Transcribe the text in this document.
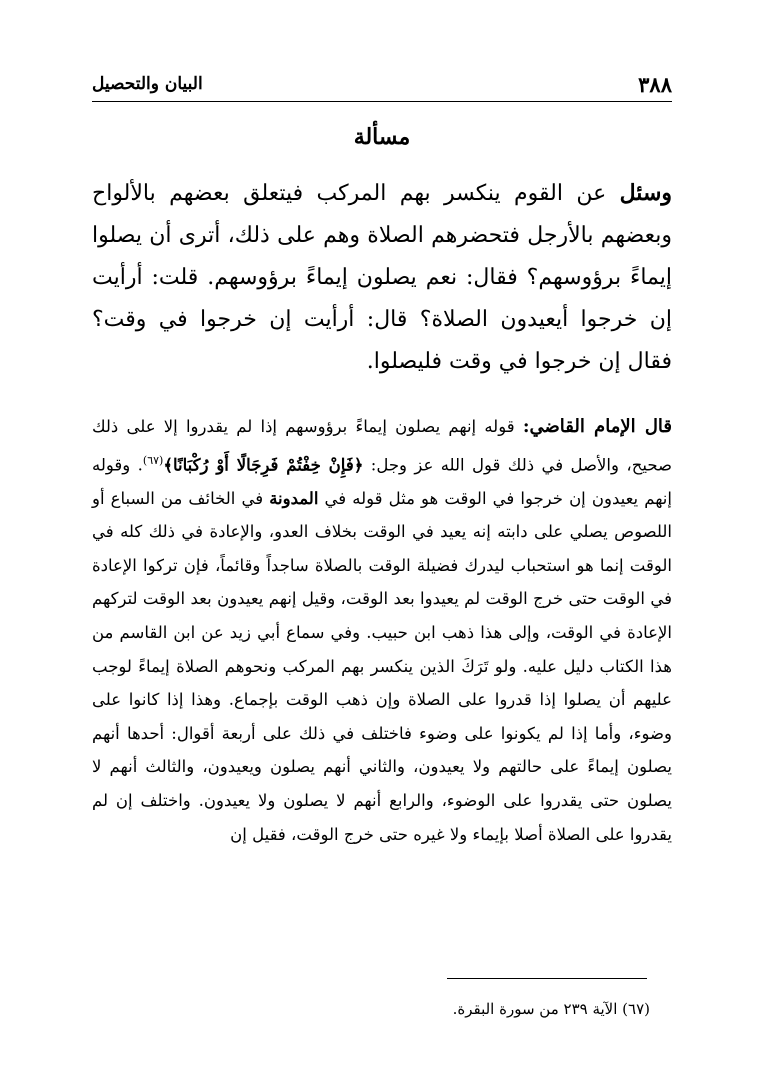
٣٨٨
البيان والتحصيل
مسألة

وسئل عن القوم ينكسر بهم المركب فيتعلق بعضهم بالألواح وبعضهم بالأرجل فتحضرهم الصلاة وهم على ذلك، أترى أن يصلوا إيماءً برؤوسهم؟ فقال: نعم يصلون إيماءً برؤوسهم. قلت: أرأيت إن خرجوا أيعيدون الصلاة؟ قال: أرأيت إن خرجوا في وقت؟ فقال إن خرجوا في وقت فليصلوا.

قال الإمام القاضي: قوله إنهم يصلون إيماءً برؤوسهم إذا لم يقدروا إلا على ذلك صحيح، والأصل في ذلك قول الله عز وجل: ﴿فَإِنْ خِفْتُمْ فَرِجَالًا أَوْ رُكْبَانًا﴾$^{(٦٧)}$. وقوله إنهم يعيدون إن خرجوا في الوقت هو مثل قوله في المدونة في الخائف من السباع أو اللصوص يصلي على دابته إنه يعيد في الوقت بخلاف العدو، والإعادة في ذلك كله في الوقت إنما هو استحباب ليدرك فضيلة الوقت بالصلاة ساجداً وقائماً، فإن تركوا الإعادة في الوقت حتى خرج الوقت لم يعيدوا بعد الوقت، وقيل إنهم يعيدون بعد الوقت لتركهم الإعادة في الوقت، وإلى هذا ذهب ابن حبيب. وفي سماع أبي زيد عن ابن القاسم من هذا الكتاب دليل عليه. ولو تَرَكَ الذين ينكسر بهم المركب ونحوهم الصلاة إيماءً لوجب عليهم أن يصلوا إذا قدروا على الصلاة وإن ذهب الوقت بإجماع. وهذا إذا كانوا على وضوء، وأما إذا لم يكونوا على وضوء فاختلف في ذلك على أربعة أقوال: أحدها أنهم يصلون إيماءً على حالتهم ولا يعيدون، والثاني أنهم يصلون ويعيدون، والثالث أنهم لا يصلون حتى يقدروا على الوضوء، والرابع أنهم لا يصلون ولا يعيدون. واختلف إن لم يقدروا على الصلاة أصلا بإيماء ولا غيره حتى خرج الوقت، فقيل إن

(٦٧) الآية ٢٣٩ من سورة البقرة.
